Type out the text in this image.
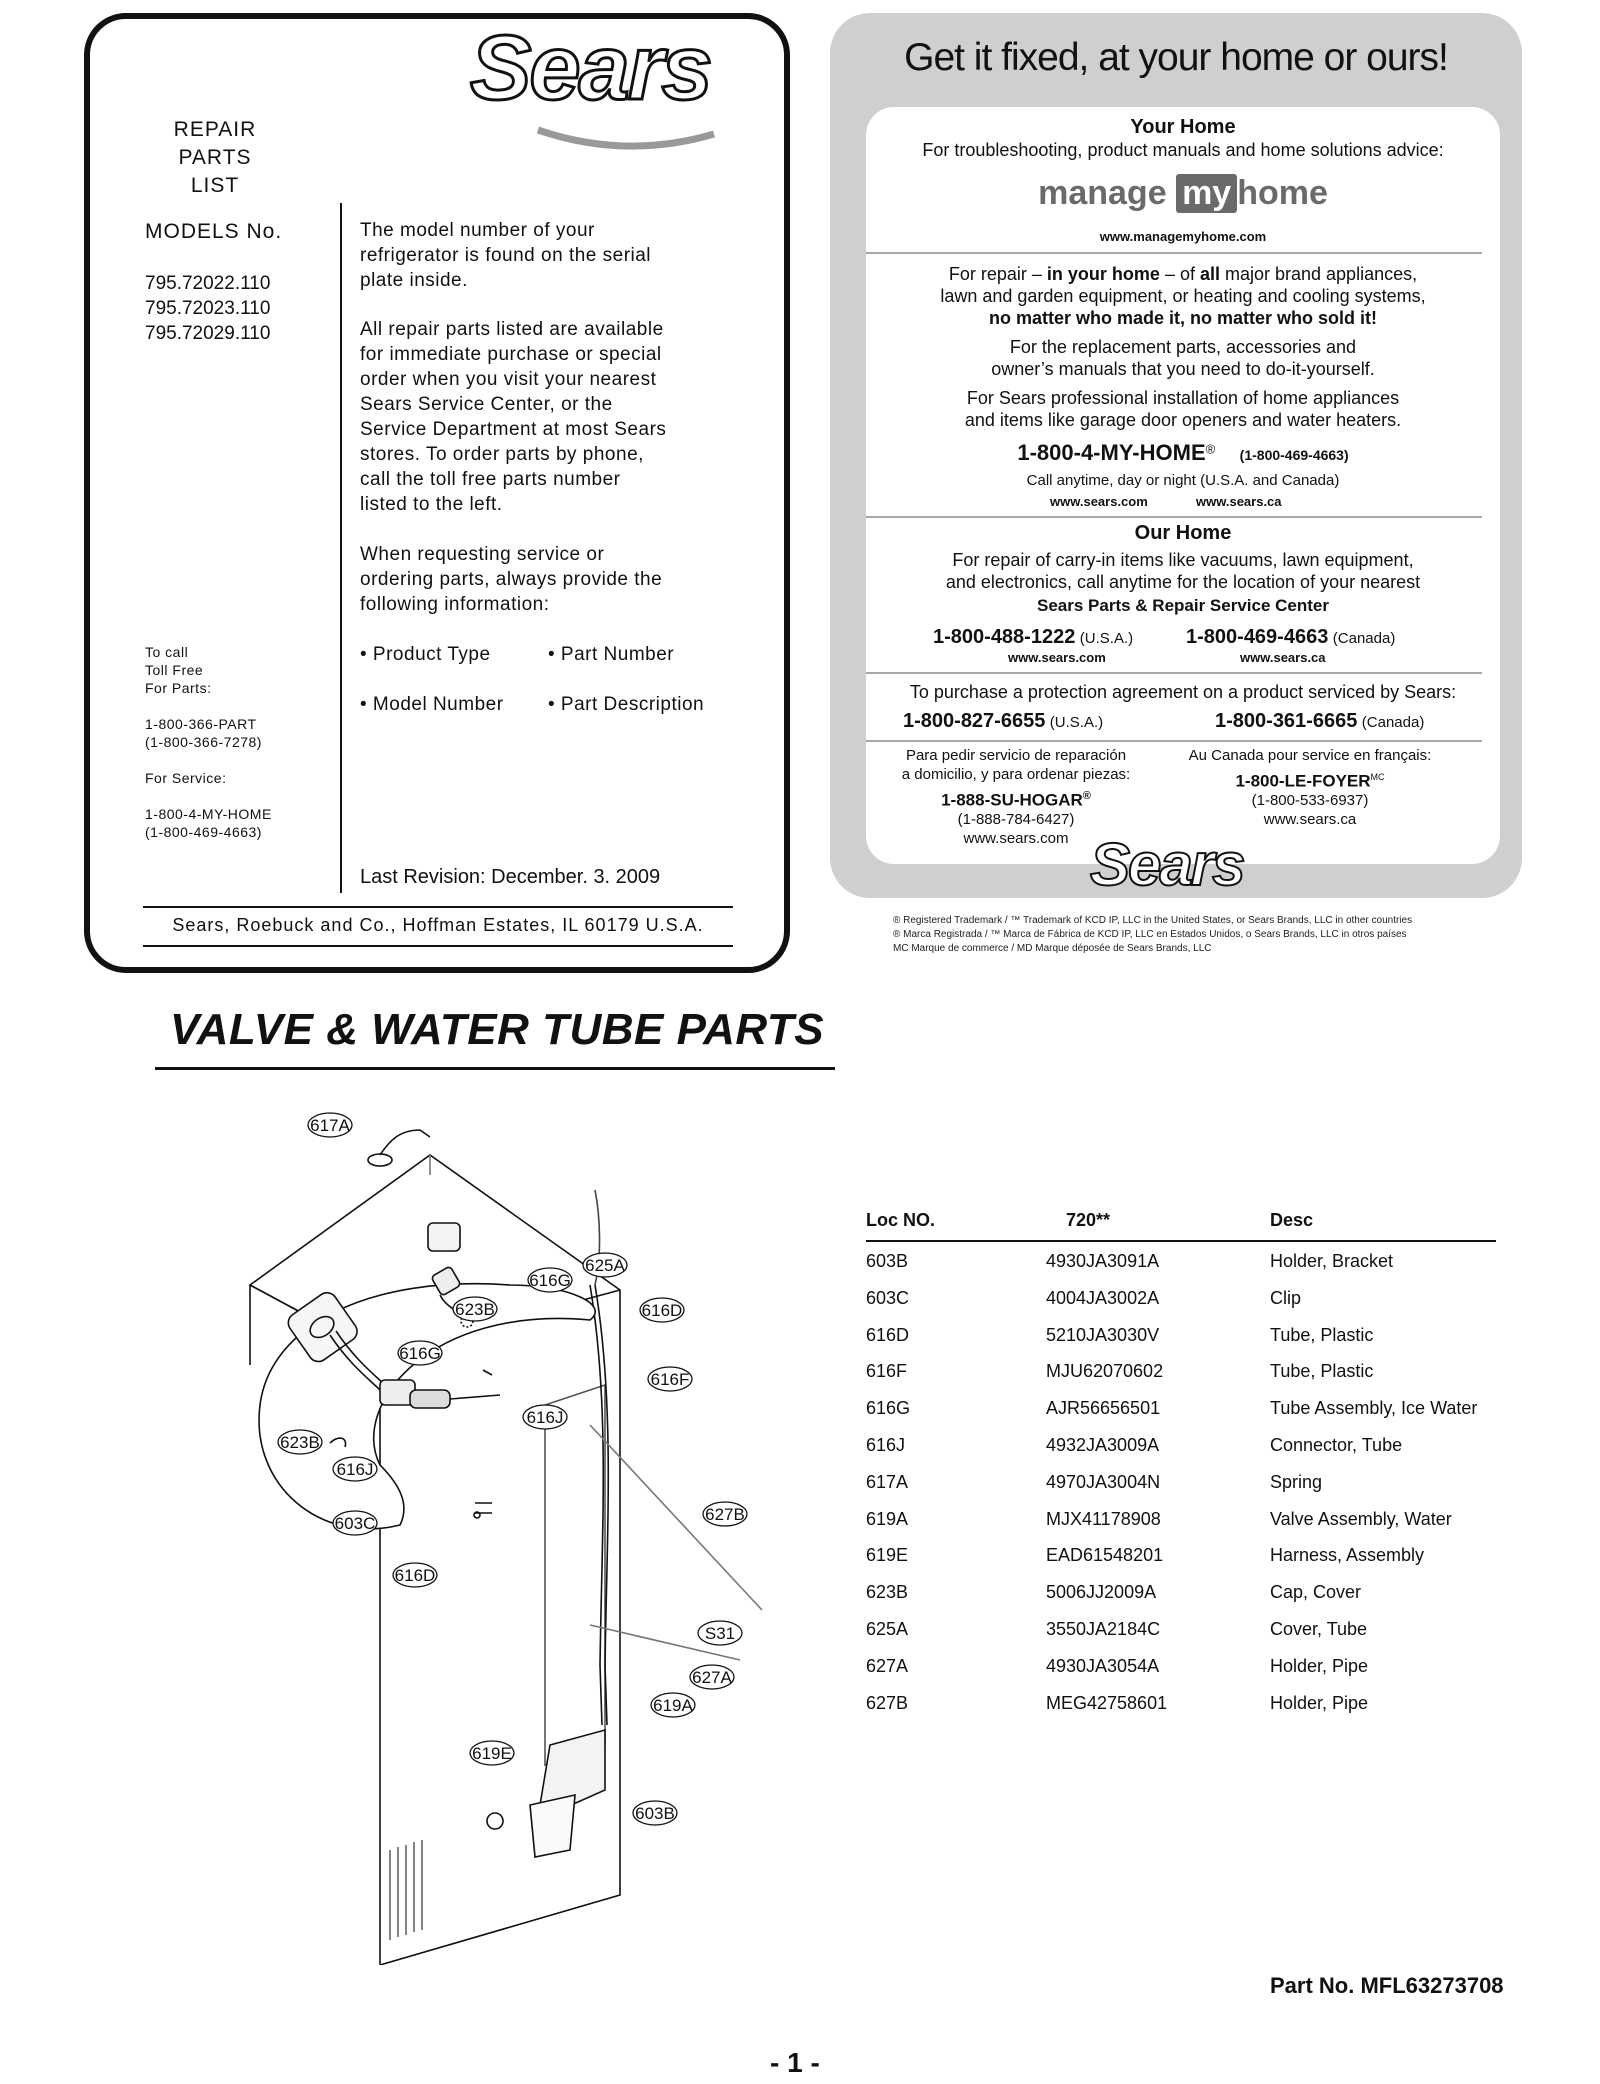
Sears
REPAIR
PARTS
LIST
MODELS No.
795.72022.110
795.72023.110
795.72029.110
The model number of your
refrigerator is found on the serial
plate inside.
All repair parts listed are available
for immediate purchase or special
order when you visit your nearest
Sears Service Center, or the
Service Department at most Sears
stores. To order parts by phone,
call the toll free parts number
listed to the left.
When requesting service or
ordering parts, always provide the
following information:
• Product Type	• Part Number
• Model Number	• Part Description
To call
Toll Free
For Parts:
1-800-366-PART
(1-800-366-7278)
For Service:
1-800-4-MY-HOME
(1-800-469-4663)
Last Revision: December. 3. 2009
Sears, Roebuck and Co., Hoffman Estates, IL 60179 U.S.A.
Get it fixed, at your home or ours!
Your Home
For troubleshooting, product manuals and home solutions advice:
manage my home
www.managemyhome.com
For repair – in your home – of all major brand appliances,
lawn and garden equipment, or heating and cooling systems,
no matter who made it, no matter who sold it!
For the replacement parts, accessories and
owner’s manuals that you need to do-it-yourself.
For Sears professional installation of home appliances
and items like garage door openers and water heaters.
1-800-4-MY-HOME® (1-800-469-4663)
Call anytime, day or night (U.S.A. and Canada)
www.sears.com	www.sears.ca
Our Home
For repair of carry-in items like vacuums, lawn equipment,
and electronics, call anytime for the location of your nearest
Sears Parts & Repair Service Center
1-800-488-1222 (U.S.A.)	1-800-469-4663 (Canada)
www.sears.com	www.sears.ca
To purchase a protection agreement on a product serviced by Sears:
1-800-827-6655 (U.S.A.)	1-800-361-6665 (Canada)
Para pedir servicio de reparación
a domicilio, y para ordenar piezas:
1-888-SU-HOGAR®
(1-888-784-6427)
www.sears.com
Au Canada pour service en français:
$1-800-LE-FOYER^{MC}$
(1-800-533-6937)
www.sears.ca
Sears
® Registered Trademark / ™ Trademark of KCD IP, LLC in the United States, or Sears Brands, LLC in other countries
® Marca Registrada / ™ Marca de Fábrica de KCD IP, LLC en Estados Unidos, o Sears Brands, LLC in otros países
MC Marque de commerce / MD Marque déposée de Sears Brands, LLC
VALVE & WATER TUBE PARTS
617A
625A
616G
623B	616D
616G
616F
616J
623B
616J
603C	627B
616D
S31
627A
619A
619E
603B
Loc NO.	720**	Desc
603B	4930JA3091A	Holder, Bracket
603C	4004JA3002A	Clip
616D	5210JA3030V	Tube, Plastic
616F	MJU62070602	Tube, Plastic
616G	AJR56656501	Tube Assembly, Ice Water
616J	4932JA3009A	Connector, Tube
617A	4970JA3004N	Spring
619A	MJX41178908	Valve Assembly, Water
619E	EAD61548201	Harness, Assembly
623B	5006JJ2009A	Cap, Cover
625A	3550JA2184C	Cover, Tube
627A	4930JA3054A	Holder, Pipe
627B	MEG42758601	Holder, Pipe
Part No. MFL63273708
- 1 -
